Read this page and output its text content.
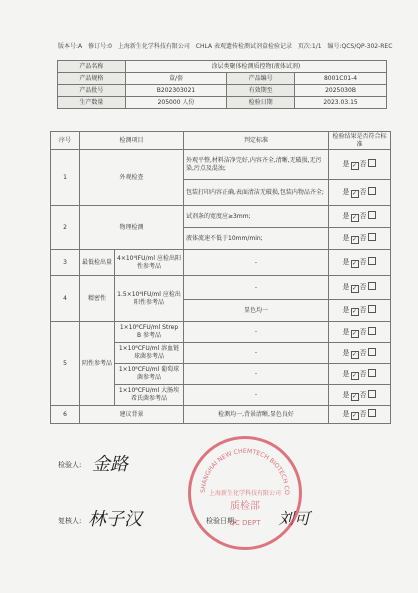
版本号:A 修订号:0 上海新生化学科技有限公司 CHLA 表观遗传检测试剂盒检验记录 页次:1/1 编号:QCS/QP-302-REC
产品名称	涂层类聚体检测质控物(液体试剂)		
产品规格	盒/套	产品编号	8001C01-4
产品批号	B202303021	有效期至	2025030B
生产数量	205000 人份	检验日期	2023.03.15
序号	检测项目		判定标准	检验结果是否符合标准
1	外观检查		外观平整,材料洁净完好,内容齐全,清晰,无破损,无污染,污点及混浊;	是 ✓ 否
			包装打印内容正确,表面清洁无破损,包装内物品齐全;	是 ✓ 否
2	物理检测		试剂条的宽度应≥3mm;	是 ✓ 否
			液体流速不低于10mm/min;	是 ✓ 否
3	最低检出量	4×10⁴IFU/ml 应检出阳性参考品	-	是 ✓ 否
4	精密性	1.5×10⁴IFU/ml 应检出阳性参考品	-	是 ✓ 否
			显色均一	是 ✓ 否
5	阴性参考品	1×10⁸CFU/ml Strep B 参考品	-	是 ✓ 否
		1×10⁸CFU/ml 溶血链球菌参考品	-	是 ✓ 否
		1×10⁸CFU/ml 葡萄球菌参考品	-	是 ✓ 否
		1×10⁸CFU/ml 大肠埃希氏菌参考品	-	是 ✓ 否
6	建议背景		检测均一,背景清晰,显色良好	是 ✓ 否
检验人: 金路
复核人: 林子汉	检验日期:	刘可
SHANGHAI NEW CHEMTECH BIOTECH CO
上海新生化学科技有限公司
质检部
QC DEPT
